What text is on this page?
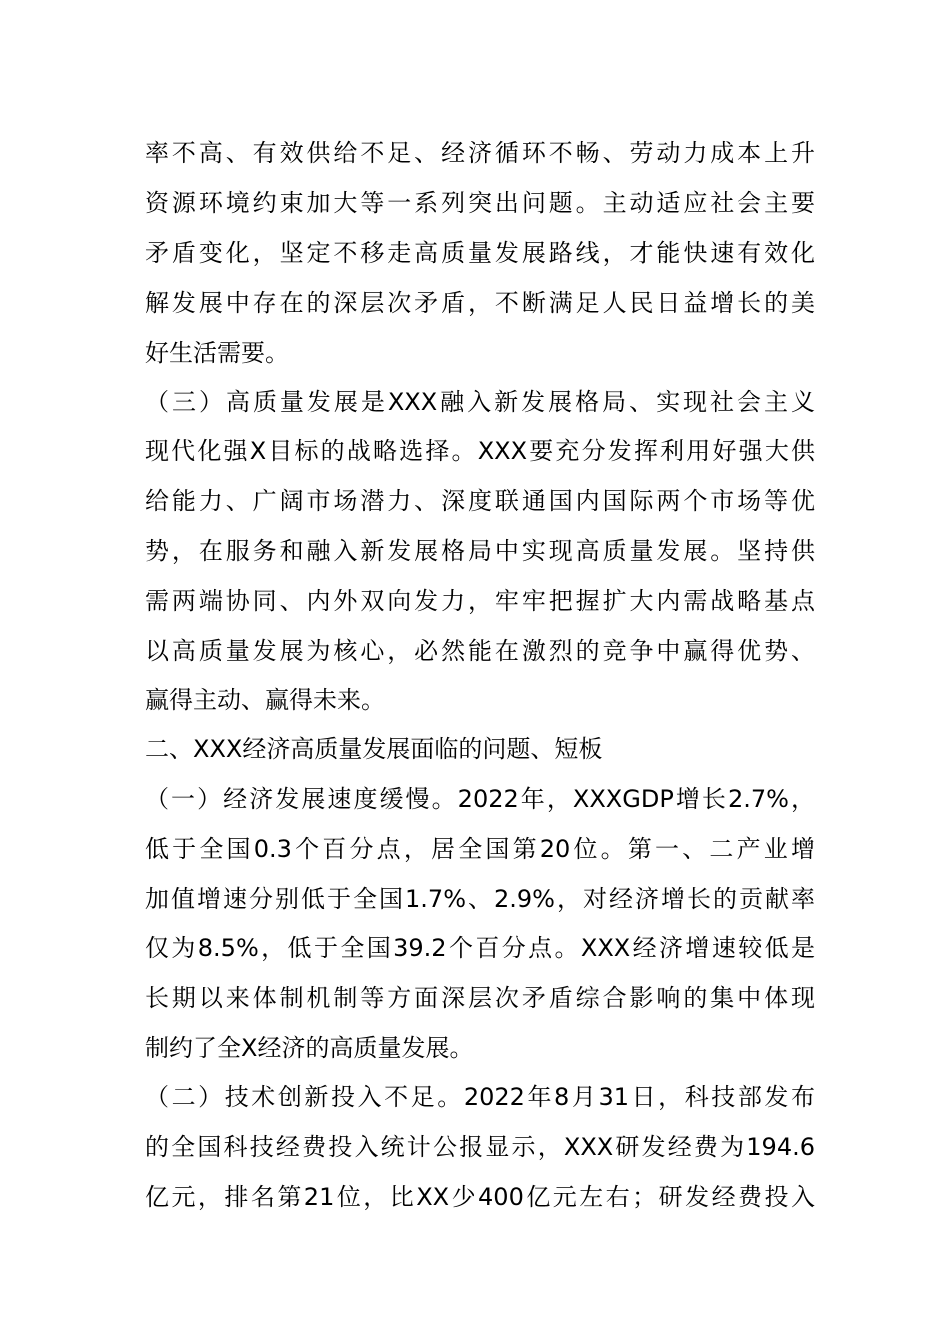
率不高、有效供给不足、经济循环不畅、劳动力成本上升
资源环境约束加大等一系列突出问题。主动适应社会主要
矛盾变化，坚定不移走高质量发展路线，才能快速有效化
解发展中存在的深层次矛盾，不断满足人民日益增长的美
好生活需要。
（三）高质量发展是XXX融入新发展格局、实现社会主义
现代化强X目标的战略选择。XXX要充分发挥利用好强大供
给能力、广阔市场潜力、深度联通国内国际两个市场等优
势，在服务和融入新发展格局中实现高质量发展。坚持供
需两端协同、内外双向发力，牢牢把握扩大内需战略基点
以高质量发展为核心，必然能在激烈的竞争中赢得优势、
赢得主动、赢得未来。
二、XXX经济高质量发展面临的问题、短板
（一）经济发展速度缓慢。2022年，XXXGDP增长2.7%，
低于全国0.3个百分点，居全国第20位。第一、二产业增
加值增速分别低于全国1.7%、2.9%，对经济增长的贡献率
仅为8.5%，低于全国39.2个百分点。XXX经济增速较低是
长期以来体制机制等方面深层次矛盾综合影响的集中体现
制约了全X经济的高质量发展。
（二）技术创新投入不足。2022年8月31日，科技部发布
的全国科技经费投入统计公报显示，XXX研发经费为194.6
亿元，排名第21位，比XX少400亿元左右；研发经费投入
